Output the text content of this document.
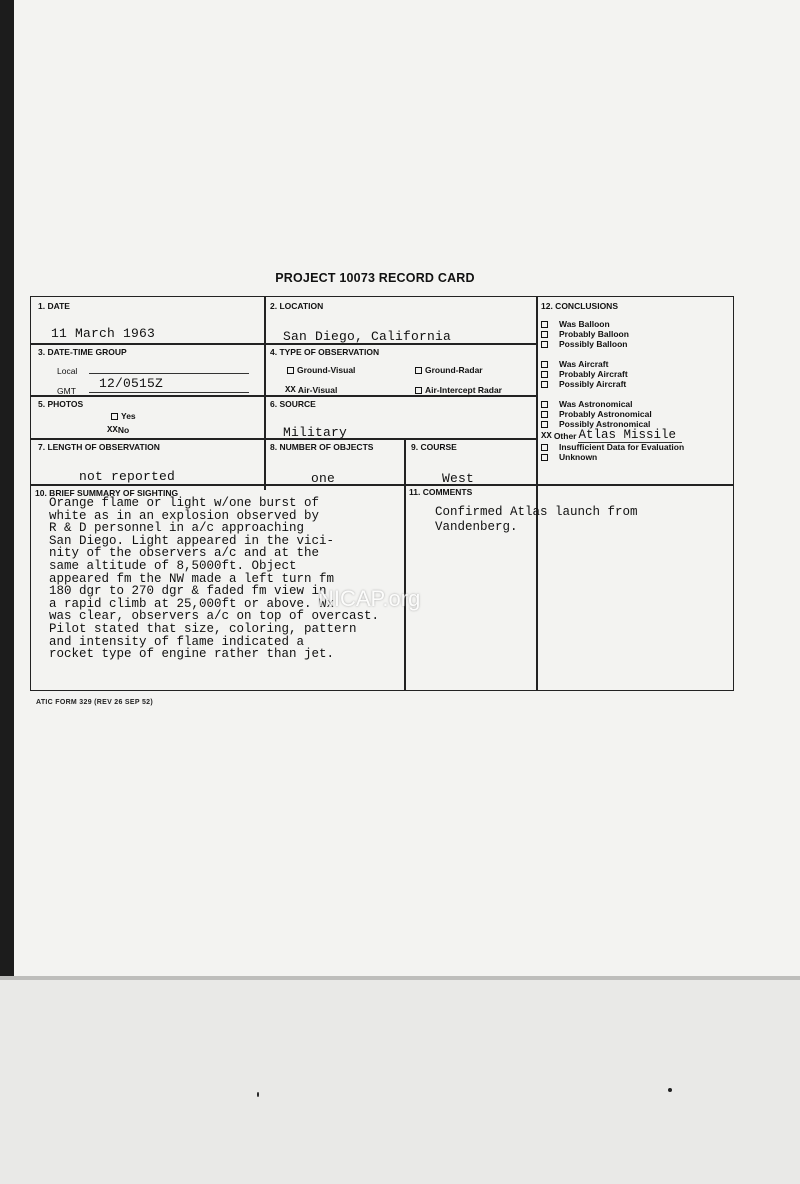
PROJECT 10073 RECORD CARD
1. DATE
11 March 1963
2. LOCATION
San Diego, California
3. DATE-TIME GROUP
Local
GMT 12/0515Z
4. TYPE OF OBSERVATION
Ground-Visual	Ground-Radar
XX Air-Visual	Air-Intercept Radar
5. PHOTOS
Yes
XX No
6. SOURCE
Military
7. LENGTH OF OBSERVATION
not reported
8. NUMBER OF OBJECTS
one
9. COURSE
West
10. BRIEF SUMMARY OF SIGHTING
Orange flame or light w/one burst of
white as in an explosion observed by
R & D personnel in a/c approaching
San Diego. Light appeared in the vici-
nity of the observers a/c and at the
same altitude of 8,5000ft. Object
appeared fm the NW made a left turn fm
180 dgr to 270 dgr & faded fm view in
a rapid climb at 25,000ft or above. Wx
was clear, observers a/c on top of overcast.
Pilot stated that size, coloring, pattern
and intensity of flame indicated a
rocket type of engine rather than jet.
11. COMMENTS
Confirmed Atlas launch from
Vandenberg.
12. CONCLUSIONS
Was Balloon
Probably Balloon
Possibly Balloon
Was Aircraft
Probably Aircraft
Possibly Aircraft
Was Astronomical
Probably Astronomical
Possibly Astronomical
XX Other Atlas Missile
Insufficient Data for Evaluation
Unknown
ATIC FORM 329 (REV 26 SEP 52)
NICAP.org
